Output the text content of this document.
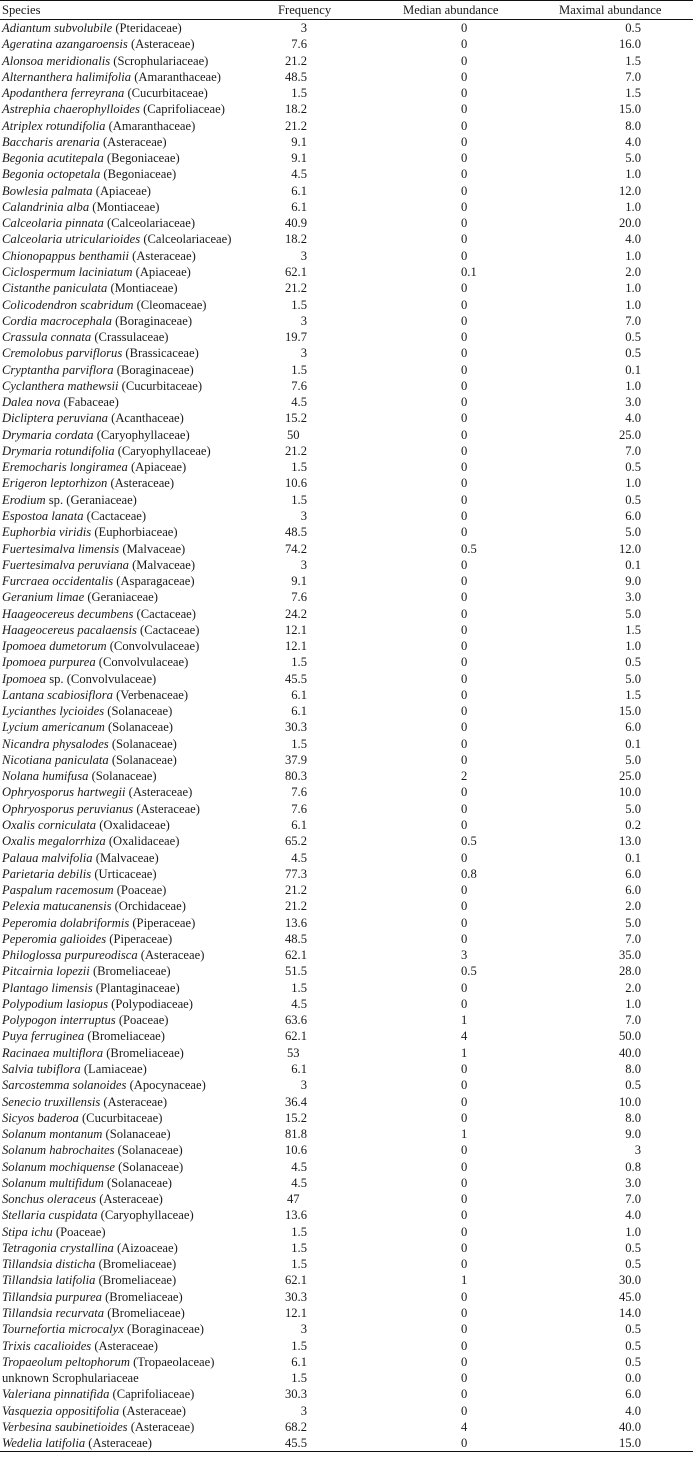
Species	Frequency	Median abundance	Maximal abundance
Adiantum subvolubile (Pteridaceae)	3	0	0.5
Ageratina azangaroensis (Asteraceae)	7.6	0	16.0
Alonsoa meridionalis (Scrophulariaceae)	21.2	0	1.5
Alternanthera halimifolia (Amaranthaceae)	48.5	0	7.0
Apodanthera ferreyrana (Cucurbitaceae)	1.5	0	1.5
Astrephia chaerophylloides (Caprifoliaceae)	18.2	0	15.0
Atriplex rotundifolia (Amaranthaceae)	21.2	0	8.0
Baccharis arenaria (Asteraceae)	9.1	0	4.0
Begonia acutitepala (Begoniaceae)	9.1	0	5.0
Begonia octopetala (Begoniaceae)	4.5	0	1.0
Bowlesia palmata (Apiaceae)	6.1	0	12.0
Calandrinia alba (Montiaceae)	6.1	0	1.0
Calceolaria pinnata (Calceolariaceae)	40.9	0	20.0
Calceolaria utricularioides (Calceolariaceae)	18.2	0	4.0
Chionopappus benthamii (Asteraceae)	3	0	1.0
Ciclospermum laciniatum (Apiaceae)	62.1	0.1	2.0
Cistanthe paniculata (Montiaceae)	21.2	0	1.0
Colicodendron scabridum (Cleomaceae)	1.5	0	1.0
Cordia macrocephala (Boraginaceae)	3	0	7.0
Crassula connata (Crassulaceae)	19.7	0	0.5
Cremolobus parviflorus (Brassicaceae)	3	0	0.5
Cryptantha parviflora (Boraginaceae)	1.5	0	0.1
Cyclanthera mathewsii (Cucurbitaceae)	7.6	0	1.0
Dalea nova (Fabaceae)	4.5	0	3.0
Dicliptera peruviana (Acanthaceae)	15.2	0	4.0
Drymaria cordata (Caryophyllaceae)	50	0	25.0
Drymaria rotundifolia (Caryophyllaceae)	21.2	0	7.0
Eremocharis longiramea (Apiaceae)	1.5	0	0.5
Erigeron leptorhizon (Asteraceae)	10.6	0	1.0
Erodium sp. (Geraniaceae)	1.5	0	0.5
Espostoa lanata (Cactaceae)	3	0	6.0
Euphorbia viridis (Euphorbiaceae)	48.5	0	5.0
Fuertesimalva limensis (Malvaceae)	74.2	0.5	12.0
Fuertesimalva peruviana (Malvaceae)	3	0	0.1
Furcraea occidentalis (Asparagaceae)	9.1	0	9.0
Geranium limae (Geraniaceae)	7.6	0	3.0
Haageocereus decumbens (Cactaceae)	24.2	0	5.0
Haageocereus pacalaensis (Cactaceae)	12.1	0	1.5
Ipomoea dumetorum (Convolvulaceae)	12.1	0	1.0
Ipomoea purpurea (Convolvulaceae)	1.5	0	0.5
Ipomoea sp. (Convolvulaceae)	45.5	0	5.0
Lantana scabiosiflora (Verbenaceae)	6.1	0	1.5
Lycianthes lycioides (Solanaceae)	6.1	0	15.0
Lycium americanum (Solanaceae)	30.3	0	6.0
Nicandra physalodes (Solanaceae)	1.5	0	0.1
Nicotiana paniculata (Solanaceae)	37.9	0	5.0
Nolana humifusa (Solanaceae)	80.3	2	25.0
Ophryosporus hartwegii (Asteraceae)	7.6	0	10.0
Ophryosporus peruvianus (Asteraceae)	7.6	0	5.0
Oxalis corniculata (Oxalidaceae)	6.1	0	0.2
Oxalis megalorrhiza (Oxalidaceae)	65.2	0.5	13.0
Palaua malvifolia (Malvaceae)	4.5	0	0.1
Parietaria debilis (Urticaceae)	77.3	0.8	6.0
Paspalum racemosum (Poaceae)	21.2	0	6.0
Pelexia matucanensis (Orchidaceae)	21.2	0	2.0
Peperomia dolabriformis (Piperaceae)	13.6	0	5.0
Peperomia galioides (Piperaceae)	48.5	0	7.0
Philoglossa purpureodisca (Asteraceae)	62.1	3	35.0
Pitcairnia lopezii (Bromeliaceae)	51.5	0.5	28.0
Plantago limensis (Plantaginaceae)	1.5	0	2.0
Polypodium lasiopus (Polypodiaceae)	4.5	0	1.0
Polypogon interruptus (Poaceae)	63.6	1	7.0
Puya ferruginea (Bromeliaceae)	62.1	4	50.0
Racinaea multiflora (Bromeliaceae)	53	1	40.0
Salvia tubiflora (Lamiaceae)	6.1	0	8.0
Sarcostemma solanoides (Apocynaceae)	3	0	0.5
Senecio truxillensis (Asteraceae)	36.4	0	10.0
Sicyos baderoa (Cucurbitaceae)	15.2	0	8.0
Solanum montanum (Solanaceae)	81.8	1	9.0
Solanum habrochaites (Solanaceae)	10.6	0	3
Solanum mochiquense (Solanaceae)	4.5	0	0.8
Solanum multifidum (Solanaceae)	4.5	0	3.0
Sonchus oleraceus (Asteraceae)	47	0	7.0
Stellaria cuspidata (Caryophyllaceae)	13.6	0	4.0
Stipa ichu (Poaceae)	1.5	0	1.0
Tetragonia crystallina (Aizoaceae)	1.5	0	0.5
Tillandsia disticha (Bromeliaceae)	1.5	0	0.5
Tillandsia latifolia (Bromeliaceae)	62.1	1	30.0
Tillandsia purpurea (Bromeliaceae)	30.3	0	45.0
Tillandsia recurvata (Bromeliaceae)	12.1	0	14.0
Tournefortia microcalyx (Boraginaceae)	3	0	0.5
Trixis cacalioides (Asteraceae)	1.5	0	0.5
Tropaeolum peltophorum (Tropaeolaceae)	6.1	0	0.5
unknown Scrophulariaceae	1.5	0	0.0
Valeriana pinnatifida (Caprifoliaceae)	30.3	0	6.0
Vasquezia oppositifolia (Asteraceae)	3	0	4.0
Verbesina saubinetioides (Asteraceae)	68.2	4	40.0
Wedelia latifolia (Asteraceae)	45.5	0	15.0
